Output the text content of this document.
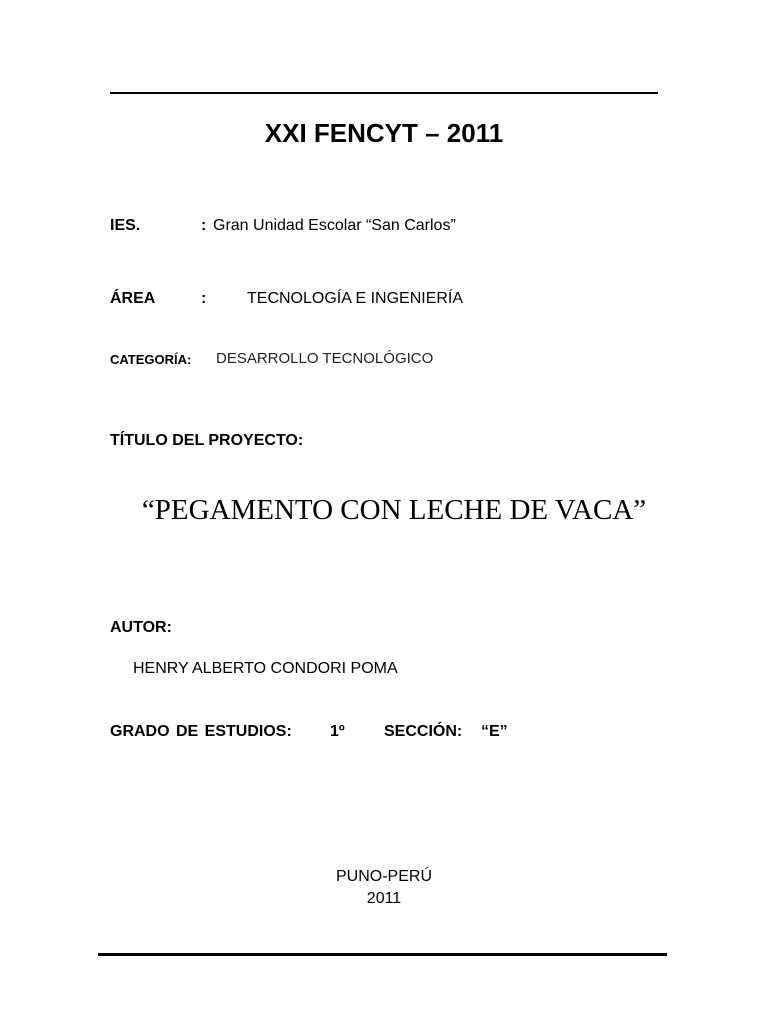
XXI FENCYT – 2011
IES.	: Gran Unidad Escolar “San Carlos”
ÁREA	:	TECNOLOGÍA E INGENIERÍA
CATEGORÍA: DESARROLLO TECNOLÓGICO
TÍTULO DEL PROYECTO:
“PEGAMENTO CON LECHE DE VACA”
AUTOR:
HENRY ALBERTO CONDORI POMA
GRADO DE ESTUDIOS: 1º SECCIÓN: “E”
PUNO-PERÚ
2011
